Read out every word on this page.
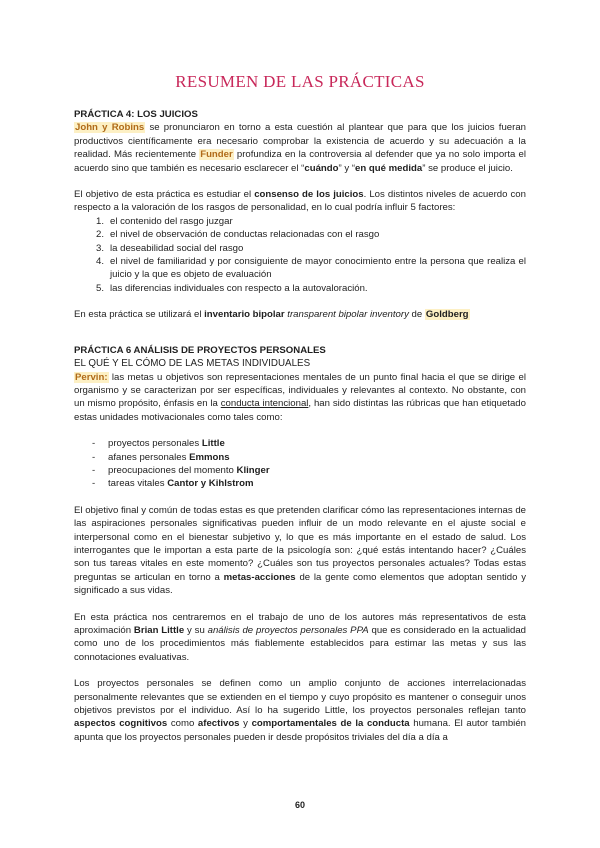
RESUMEN DE LAS PRÁCTICAS
PRÁCTICA 4: LOS JUICIOS

John y Robins se pronunciaron en torno a esta cuestión al plantear que para que los juicios fueran productivos científicamente era necesario comprobar la existencia de acuerdo y su adecuación a la realidad. Más recientemente Funder profundiza en la controversia al defender que ya no solo importa el acuerdo sino que también es necesario esclarecer el “cuándo” y “en qué medida” se produce el juicio.

El objetivo de esta práctica es estudiar el consenso de los juicios. Los distintos niveles de acuerdo con respecto a la valoración de los rasgos de personalidad, en lo cual podría influir 5 factores:

1. el contenido del rasgo juzgar
2. el nivel de observación de conductas relacionadas con el rasgo
3. la deseabilidad social del rasgo
4. el nivel de familiaridad y por consiguiente de mayor conocimiento entre la persona que realiza el juicio y la que es objeto de evaluación
5. las diferencias individuales con respecto a la autovaloración.

En esta práctica se utilizará el inventario bipolar transparent bipolar inventory de Goldberg

PRÁCTICA 6 ANÁLISIS DE PROYECTOS PERSONALES
EL QUÉ Y EL CÓMO DE LAS METAS INDIVIDUALES

Pervin: las metas u objetivos son representaciones mentales de un punto final hacia el que se dirige el organismo y se caracterizan por ser específicas, individuales y relevantes al contexto. No obstante, con un mismo propósito, énfasis en la conducta intencional, han sido distintas las rúbricas que han etiquetado estas unidades motivacionales como tales como:

- proyectos personales Little
- afanes personales Emmons
- preocupaciones del momento Klinger
- tareas vitales Cantor y Kihlstrom

El objetivo final y común de todas estas es que pretenden clarificar cómo las representaciones internas de las aspiraciones personales significativas pueden influir de un modo relevante en el ajuste social e interpersonal como en el bienestar subjetivo y, lo que es más importante en el estado de salud. Los interrogantes que le importan a esta parte de la psicología son: ¿qué estás intentando hacer? ¿Cuáles son tus tareas vitales en este momento? ¿Cuáles son tus proyectos personales actuales? Todas estas preguntas se articulan en torno a metas-acciones de la gente como elementos que adoptan sentido y significado a sus vidas.

En esta práctica nos centraremos en el trabajo de uno de los autores más representativos de esta aproximación Brian Little y su análisis de proyectos personales PPA que es considerado en la actualidad como uno de los procedimientos más fiablemente establecidos para estimar las metas y sus las connotaciones evaluativas.

Los proyectos personales se definen como un amplio conjunto de acciones interrelacionadas personalmente relevantes que se extienden en el tiempo y cuyo propósito es mantener o conseguir unos objetivos previstos por el individuo. Así lo ha sugerido Little, los proyectos personales reflejan tanto aspectos cognitivos como afectivos y comportamentales de la conducta humana. El autor también apunta que los proyectos personales pueden ir desde propósitos triviales del día a día a

60
